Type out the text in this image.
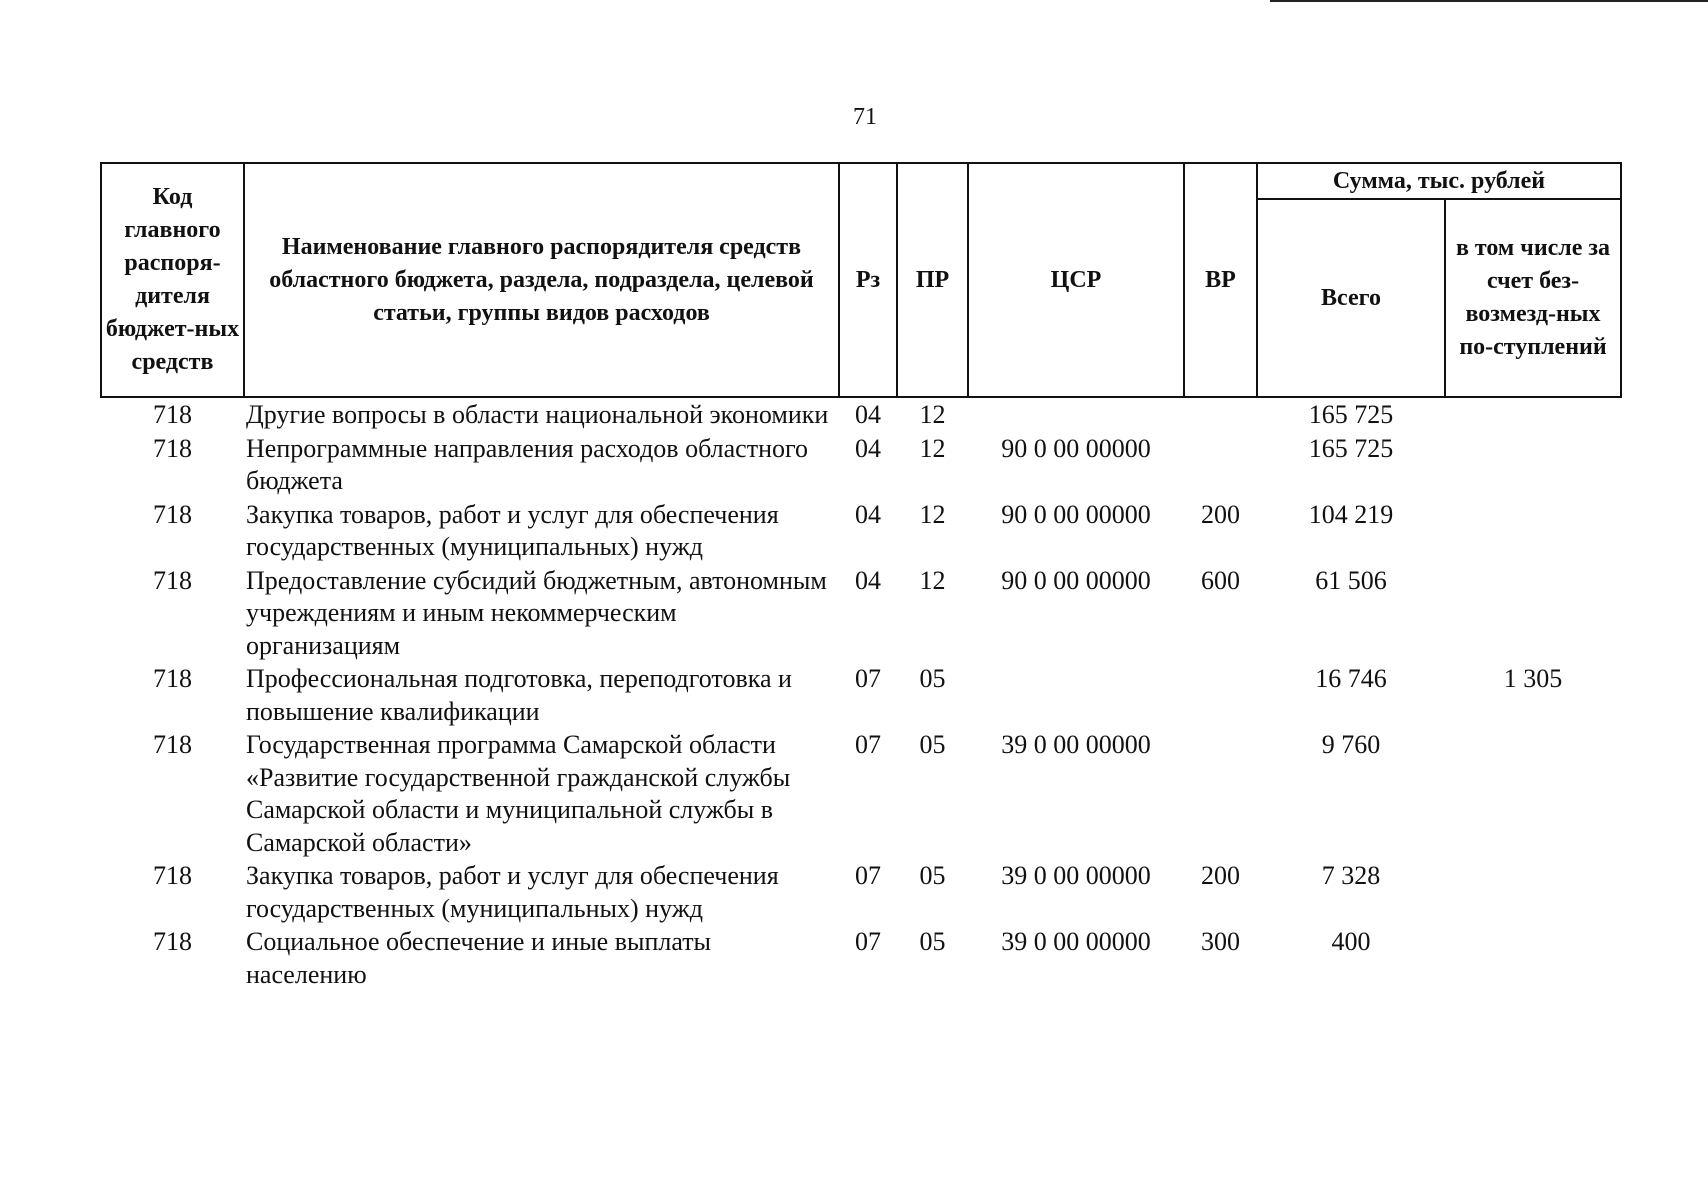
71
Код главного распоря-дителя бюджет-ных средств	Наименование главного распорядителя средств областного бюджета, раздела, подраздела, целевой статьи, группы видов расходов	Рз	ПР	ЦСР	ВР	Сумма, тыс. рублей	
						Всего	в том числе за счет без-возмезд-ных по-ступлений
718	Другие вопросы в области национальной экономики	04	12			165 725	
718	Непрограммные направления расходов областного бюджета	04	12	90 0 00 00000		165 725	
718	Закупка товаров, работ и услуг для обеспечения государственных (муниципальных) нужд	04	12	90 0 00 00000	200	104 219	
718	Предоставление субсидий бюджетным, автономным учреждениям и иным некоммерческим организациям	04	12	90 0 00 00000	600	61 506	
718	Профессиональная подготовка, переподготовка и повышение квалификации	07	05			16 746	1 305
718	Государственная программа Самарской области «Развитие государственной гражданской службы Самарской области и муниципальной службы в Самарской области»	07	05	39 0 00 00000		9 760	
718	Закупка товаров, работ и услуг для обеспечения государственных (муниципальных) нужд	07	05	39 0 00 00000	200	7 328	
718	Социальное обеспечение и иные выплаты населению	07	05	39 0 00 00000	300	400	
